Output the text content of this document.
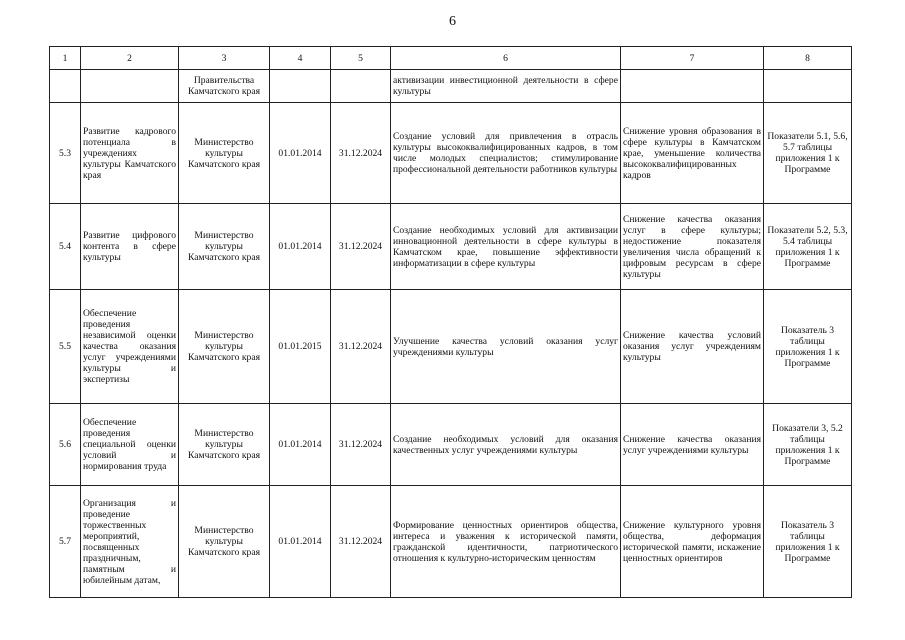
6
1	2	3	4	5	6	7	8
		Правительства Камчатского края			активизации инвестиционной деятельности в сфере культуры		
5.3	Развитие кадрового потенциала в учреждениях культуры Камчатского края	Министерство культуры Камчатского края	01.01.2014	31.12.2024	Создание условий для привлечения в отрасль культуры высококвалифицированных кадров, в том числе молодых специалистов; стимулирование профессиональной деятельности работников культуры	Снижение уровня образования в сфере культуры в Камчатском крае, уменьшение количества высококвалифицированных кадров	Показатели 5.1, 5.6, 5.7 таблицы приложения 1 к Программе
5.4	Развитие цифрового контента в сфере культуры	Министерство культуры Камчатского края	01.01.2014	31.12.2024	Создание необходимых условий для активизации инновационной деятельности в сфере культуры в Камчатском крае, повышение эффективности информатизации в сфере культуры	Снижение качества оказания услуг в сфере культуры; недостижение показателя увеличения числа обращений к цифровым ресурсам в сфере культуры	Показатели 5.2, 5.3, 5.4 таблицы приложения 1 к Программе
5.5	Обеспечение проведения независимой оценки качества оказания услуг учреждениями культуры и экспертизы	Министерство культуры Камчатского края	01.01.2015	31.12.2024	Улучшение качества условий оказания услуг учреждениями культуры	Снижение качества условий оказания услуг учреждениям культуры	Показатель 3 таблицы приложения 1 к Программе
5.6	Обеспечение проведения специальной оценки условий и нормирования труда	Министерство культуры Камчатского края	01.01.2014	31.12.2024	Создание необходимых условий для оказания качественных услуг учреждениями культуры	Снижение качества оказания услуг учреждениями культуры	Показатели 3, 5.2 таблицы приложения 1 к Программе
5.7	Организация и проведение торжественных мероприятий, посвященных праздничным, памятным и юбилейным датам,	Министерство культуры Камчатского края	01.01.2014	31.12.2024	Формирование ценностных ориентиров общества, интереса и уважения к исторической памяти, гражданской идентичности, патриотического отношения к культурно-историческим ценностям	Снижение культурного уровня общества, деформация исторической памяти, искажение ценностных ориентиров	Показатель 3 таблицы приложения 1 к Программе
